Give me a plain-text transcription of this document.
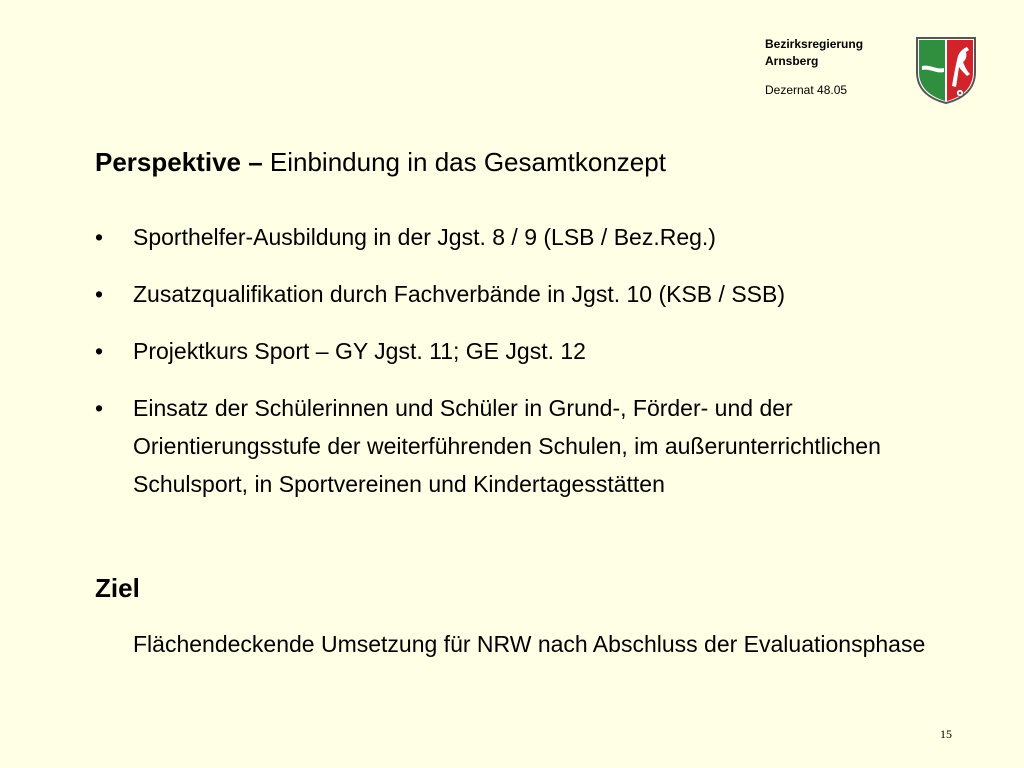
Bezirksregierung
Arnsberg
Dezernat 48.05
Perspektive – Einbindung in das Gesamtkonzept
•	Sporthelfer-Ausbildung in der Jgst. 8 / 9 (LSB / Bez.Reg.)
•	Zusatzqualifikation durch Fachverbände in Jgst. 10 (KSB / SSB)
•	Projektkurs Sport – GY Jgst. 11; GE Jgst. 12
•	Einsatz der Schülerinnen und Schüler in Grund-, Förder- und der Orientierungsstufe der weiterführenden Schulen, im außerunterrichtlichen Schulsport, in Sportvereinen und Kindertagesstätten
Ziel
Flächendeckende Umsetzung für NRW nach Abschluss der Evaluationsphase
15
